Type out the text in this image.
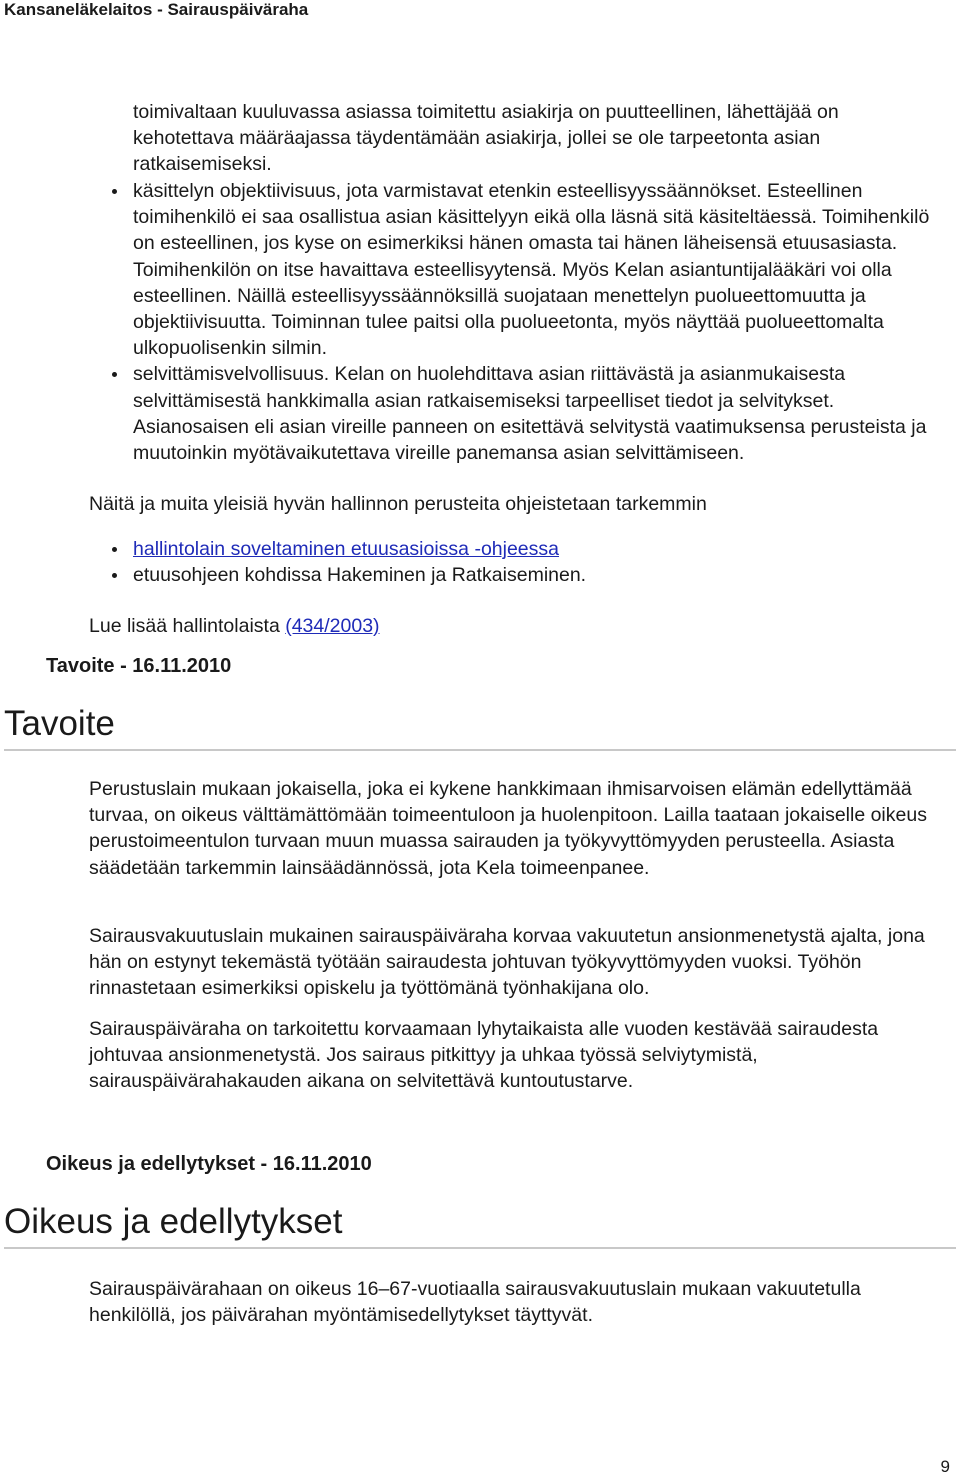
Kansaneläkelaitos - Sairauspäiväraha

toimivaltaan kuuluvassa asiassa toimitettu asiakirja on puutteellinen, lähettäjää on kehotettava määräajassa täydentämään asiakirja, jollei se ole tarpeetonta asian ratkaisemiseksi.

käsittelyn objektiivisuus, jota varmistavat etenkin esteellisyyssäännökset. Esteellinen toimihenkilö ei saa osallistua asian käsittelyyn eikä olla läsnä sitä käsiteltäessä. Toimihenkilö on esteellinen, jos kyse on esimerkiksi hänen omasta tai hänen läheisensä etuusasiasta. Toimihenkilön on itse havaittava esteellisyytensä. Myös Kelan asiantuntijalääkäri voi olla esteellinen. Näillä esteellisyyssäännöksillä suojataan menettelyn puolueettomuutta ja objektiivisuutta. Toiminnan tulee paitsi olla puolueetonta, myös näyttää puolueettomalta ulkopuolisenkin silmin.
selvittämisvelvollisuus. Kelan on huolehdittava asian riittävästä ja asianmukaisesta selvittämisestä hankkimalla asian ratkaisemiseksi tarpeelliset tiedot ja selvitykset. Asianosaisen eli asian vireille panneen on esitettävä selvitystä vaatimuksensa perusteista ja muutoinkin myötävaikutettava vireille panemansa asian selvittämiseen.

Näitä ja muita yleisiä hyvän hallinnon perusteita ohjeistetaan tarkemmin

hallintolain soveltaminen etuusasioissa -ohjeessa
etuusohjeen kohdissa Hakeminen ja Ratkaiseminen.

Lue lisää hallintolaista (434/2003)

Tavoite - 16.11.2010
Tavoite

Perustuslain mukaan jokaisella, joka ei kykene hankkimaan ihmisarvoisen elämän edellyttämää turvaa, on oikeus välttämättömään toimeentuloon ja huolenpitoon. Lailla taataan jokaiselle oikeus perustoimeentulon turvaan muun muassa sairauden ja työkyvyttömyyden perusteella. Asiasta säädetään tarkemmin lainsäädännössä, jota Kela toimeenpanee.

Sairausvakuutuslain mukainen sairauspäiväraha korvaa vakuutetun ansionmenetystä ajalta, jona hän on estynyt tekemästä työtään sairaudesta johtuvan työkyvyttömyyden vuoksi. Työhön rinnastetaan esimerkiksi opiskelu ja työttömänä työnhakijana olo.

Sairauspäiväraha on tarkoitettu korvaamaan lyhytaikaista alle vuoden kestävää sairaudesta johtuvaa ansionmenetystä. Jos sairaus pitkittyy ja uhkaa työssä selviytymistä, sairauspäivärahakauden aikana on selvitettävä kuntoutustarve.

Oikeus ja edellytykset - 16.11.2010
Oikeus ja edellytykset

Sairauspäivärahaan on oikeus 16–67-vuotiaalla sairausvakuutuslain mukaan vakuutetulla henkilöllä, jos päivärahan myöntämisedellytykset täyttyvät.

9
